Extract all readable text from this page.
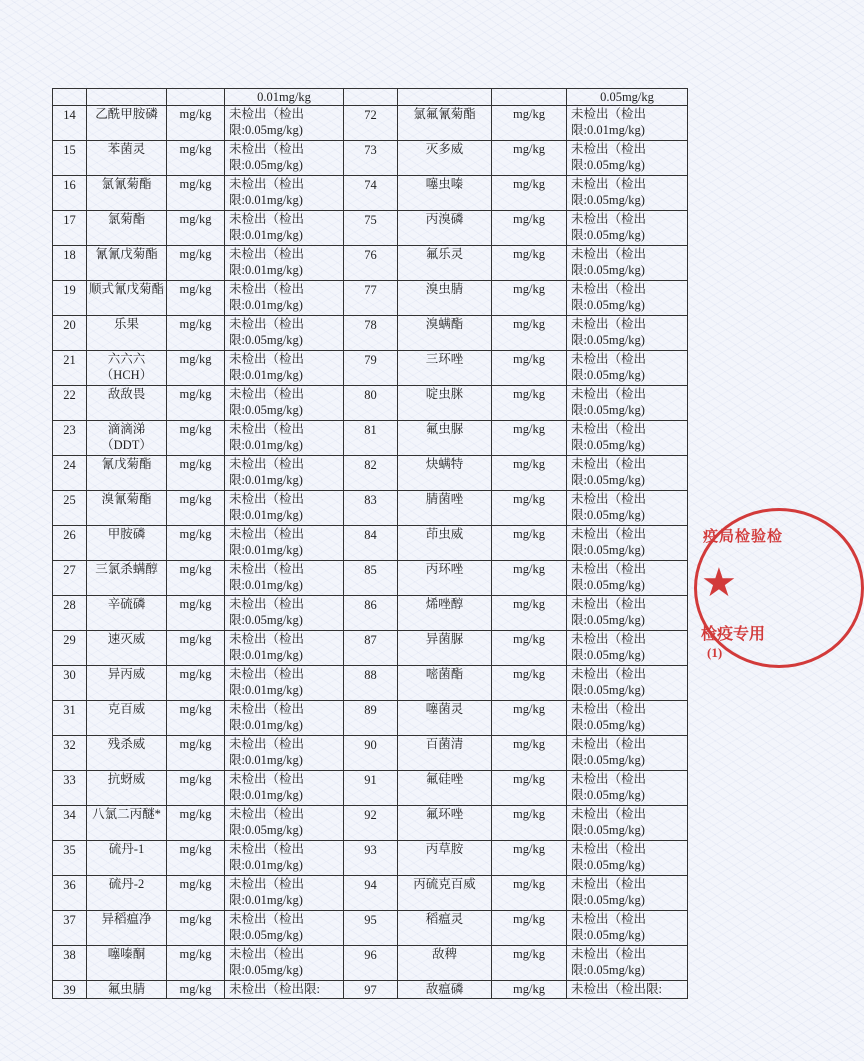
			0.01mg/kg				0.05mg/kg
14	乙酰甲胺磷	mg/kg	未检出（检出限:0.05mg/kg)	72	氯氟氰菊酯	mg/kg	未检出（检出限:0.01mg/kg)
15	苯菌灵	mg/kg	未检出（检出限:0.05mg/kg)	73	灭多威	mg/kg	未检出（检出限:0.05mg/kg)
16	氯氰菊酯	mg/kg	未检出（检出限:0.01mg/kg)	74	噻虫嗪	mg/kg	未检出（检出限:0.05mg/kg)
17	氯菊酯	mg/kg	未检出（检出限:0.01mg/kg)	75	丙溴磷	mg/kg	未检出（检出限:0.05mg/kg)
18	氰氰戊菊酯	mg/kg	未检出（检出限:0.01mg/kg)	76	氟乐灵	mg/kg	未检出（检出限:0.05mg/kg)
19	顺式氰戊菊酯	mg/kg	未检出（检出限:0.01mg/kg)	77	溴虫腈	mg/kg	未检出（检出限:0.05mg/kg)
20	乐果	mg/kg	未检出（检出限:0.05mg/kg)	78	溴螨酯	mg/kg	未检出（检出限:0.05mg/kg)
21	六六六（HCH）	mg/kg	未检出（检出限:0.01mg/kg)	79	三环唑	mg/kg	未检出（检出限:0.05mg/kg)
22	敌敌畏	mg/kg	未检出（检出限:0.05mg/kg)	80	啶虫脒	mg/kg	未检出（检出限:0.05mg/kg)
23	滴滴涕（DDT）	mg/kg	未检出（检出限:0.01mg/kg)	81	氟虫脲	mg/kg	未检出（检出限:0.05mg/kg)
24	氰戊菊酯	mg/kg	未检出（检出限:0.01mg/kg)	82	炔螨特	mg/kg	未检出（检出限:0.05mg/kg)
25	溴氰菊酯	mg/kg	未检出（检出限:0.01mg/kg)	83	腈菌唑	mg/kg	未检出（检出限:0.05mg/kg)
26	甲胺磷	mg/kg	未检出（检出限:0.01mg/kg)	84	茚虫威	mg/kg	未检出（检出限:0.05mg/kg)
27	三氯杀螨醇	mg/kg	未检出（检出限:0.01mg/kg)	85	丙环唑	mg/kg	未检出（检出限:0.05mg/kg)
28	辛硫磷	mg/kg	未检出（检出限:0.05mg/kg)	86	烯唑醇	mg/kg	未检出（检出限:0.05mg/kg)
29	速灭威	mg/kg	未检出（检出限:0.01mg/kg)	87	异菌脲	mg/kg	未检出（检出限:0.05mg/kg)
30	异丙威	mg/kg	未检出（检出限:0.01mg/kg)	88	嘧菌酯	mg/kg	未检出（检出限:0.05mg/kg)
31	克百威	mg/kg	未检出（检出限:0.01mg/kg)	89	噻菌灵	mg/kg	未检出（检出限:0.05mg/kg)
32	残杀威	mg/kg	未检出（检出限:0.01mg/kg)	90	百菌清	mg/kg	未检出（检出限:0.05mg/kg)
33	抗蚜威	mg/kg	未检出（检出限:0.01mg/kg)	91	氟硅唑	mg/kg	未检出（检出限:0.05mg/kg)
34	八氯二丙醚*	mg/kg	未检出（检出限:0.05mg/kg)	92	氟环唑	mg/kg	未检出（检出限:0.05mg/kg)
35	硫丹-1	mg/kg	未检出（检出限:0.01mg/kg)	93	丙草胺	mg/kg	未检出（检出限:0.05mg/kg)
36	硫丹-2	mg/kg	未检出（检出限:0.01mg/kg)	94	丙硫克百威	mg/kg	未检出（检出限:0.05mg/kg)
37	异稻瘟净	mg/kg	未检出（检出限:0.05mg/kg)	95	稻瘟灵	mg/kg	未检出（检出限:0.05mg/kg)
38	噻嗪酮	mg/kg	未检出（检出限:0.05mg/kg)	96	敌稗	mg/kg	未检出（检出限:0.05mg/kg)
39	氟虫腈	mg/kg	未检出（检出限:	97	敌瘟磷	mg/kg	未检出（检出限:
疫局检验检
★
检疫专用
(1)
